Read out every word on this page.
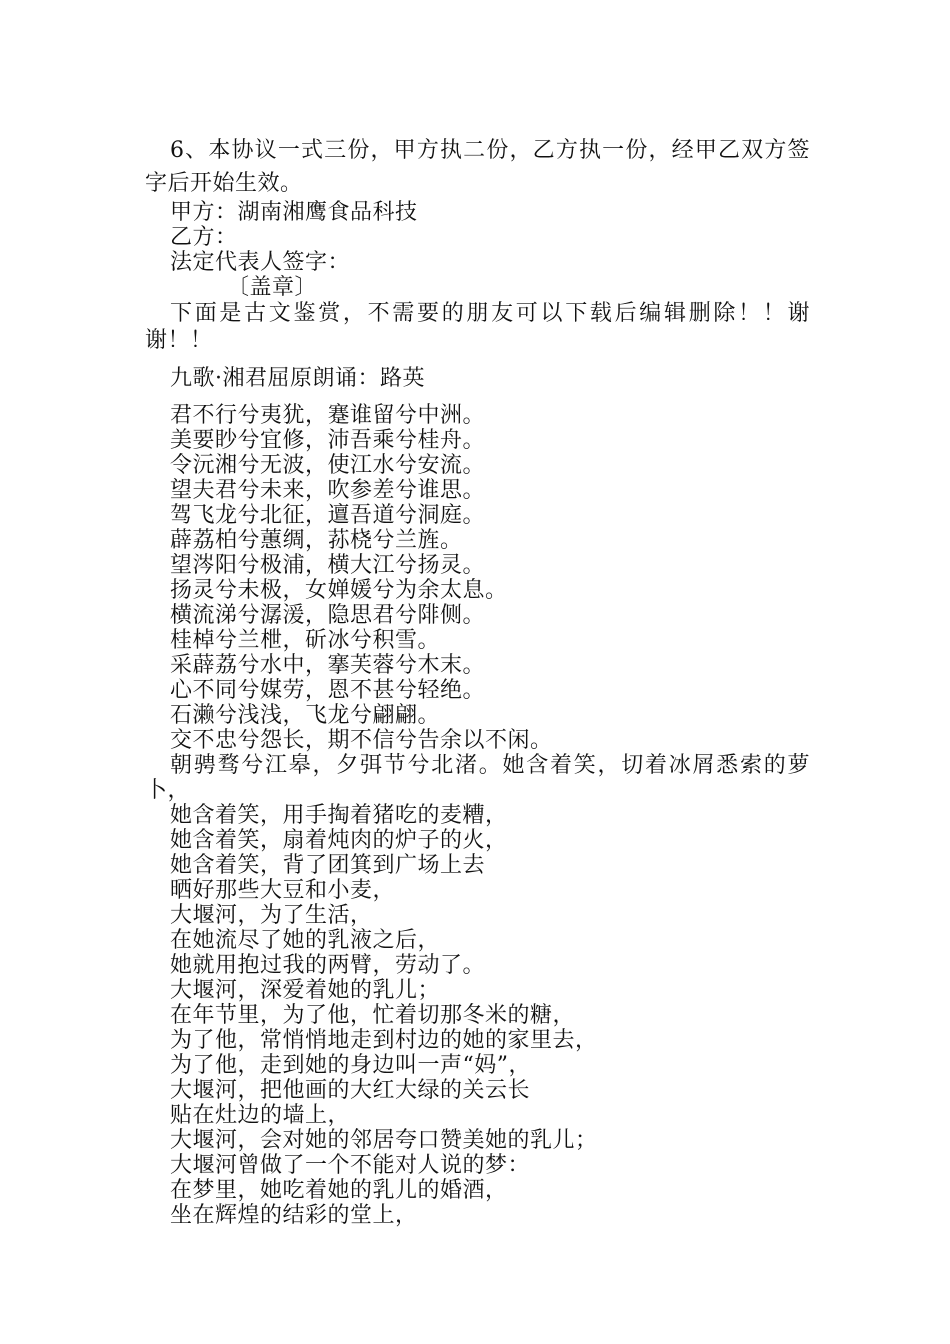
6、本协议一式三份，甲方执二份，乙方执一份，经甲乙双方签字后开始生效。
甲方：湖南湘鹰食品科技
乙方：
法定代表人签字：
〔盖章〕
下面是古文鉴赏，不需要的朋友可以下载后编辑删除！！谢谢！！
九歌·湘君屈原朗诵：路英
君不行兮夷犹，蹇谁留兮中洲。
美要眇兮宜修，沛吾乘兮桂舟。
令沅湘兮无波，使江水兮安流。
望夫君兮未来，吹参差兮谁思。
驾飞龙兮北征，邅吾道兮洞庭。
薜荔柏兮蕙绸，荪桡兮兰旌。
望涔阳兮极浦，横大江兮扬灵。
扬灵兮未极，女婵媛兮为余太息。
横流涕兮潺湲，隐思君兮陫侧。
桂棹兮兰枻，斫冰兮积雪。
采薜荔兮水中，搴芙蓉兮木末。
心不同兮媒劳，恩不甚兮轻绝。
石濑兮浅浅，飞龙兮翩翩。
交不忠兮怨长，期不信兮告余以不闲。
朝骋骛兮江皋，夕弭节兮北渚。她含着笑，切着冰屑悉索的萝卜，
她含着笑，用手掏着猪吃的麦糟，
她含着笑，扇着炖肉的炉子的火，
她含着笑，背了团箕到广场上去
晒好那些大豆和小麦，
大堰河，为了生活，
在她流尽了她的乳液之后，
她就用抱过我的两臂，劳动了。
大堰河，深爱着她的乳儿；
在年节里，为了他，忙着切那冬米的糖，
为了他，常悄悄地走到村边的她的家里去，
为了他，走到她的身边叫一声“妈”，
大堰河，把他画的大红大绿的关云长
贴在灶边的墙上，
大堰河，会对她的邻居夸口赞美她的乳儿；
大堰河曾做了一个不能对人说的梦：
在梦里，她吃着她的乳儿的婚酒，
坐在辉煌的结彩的堂上，
